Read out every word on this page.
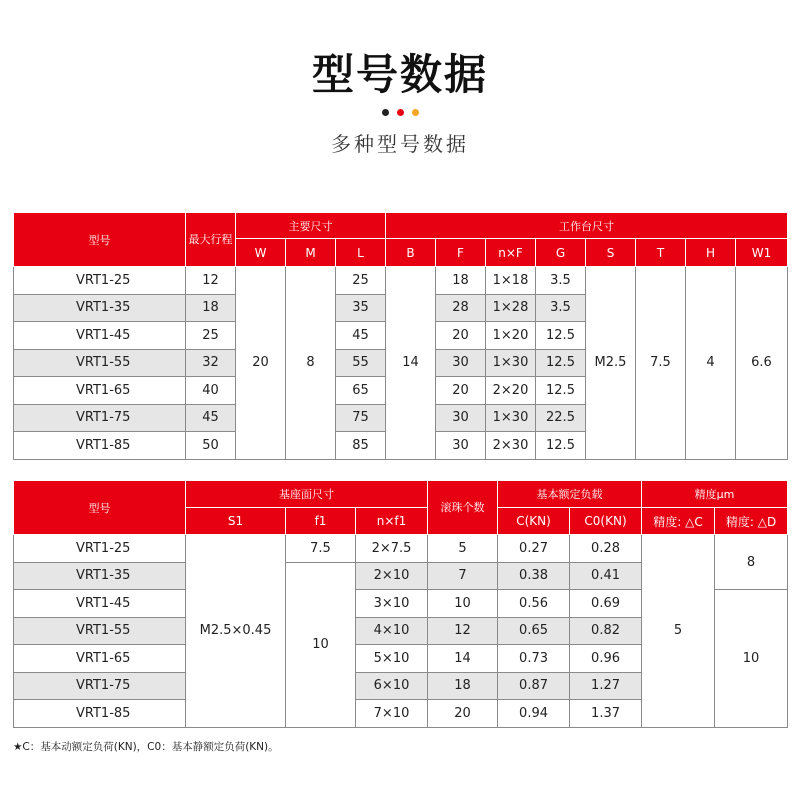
型号数据
多种型号数据
型号	最大行程	主要尺寸			工作台尺寸							
		W	M	L	B	F	n×F	G	S	T	H	W1
VRT1-25	12	20	8	25	14	18	1×18	3.5	M2.5	7.5	4	6.6
VRT1-35	18			35		28	1×28	3.5				
VRT1-45	25			45		20	1×20	12.5				
VRT1-55	32			55		30	1×30	12.5				
VRT1-65	40			65		20	2×20	12.5				
VRT1-75	45			75		30	1×30	22.5				
VRT1-85	50			85		30	2×30	12.5				
型号	基座面尺寸			滚珠个数	基本额定负载		精度μm	
	S1	f1	n×f1		C(KN)	C0(KN)	精度: △C	精度: △D
VRT1-25	M2.5×0.45	7.5	2×7.5	5	0.27	0.28	5	8
VRT1-35		10	2×10	7	0.38	0.41		
VRT1-45			3×10	10	0.56	0.69		10
VRT1-55			4×10	12	0.65	0.82		
VRT1-65			5×10	14	0.73	0.96		
VRT1-75			6×10	18	0.87	1.27		
VRT1-85			7×10	20	0.94	1.37		
★C：基本动额定负荷(KN)，C0：基本静额定负荷(KN)。
